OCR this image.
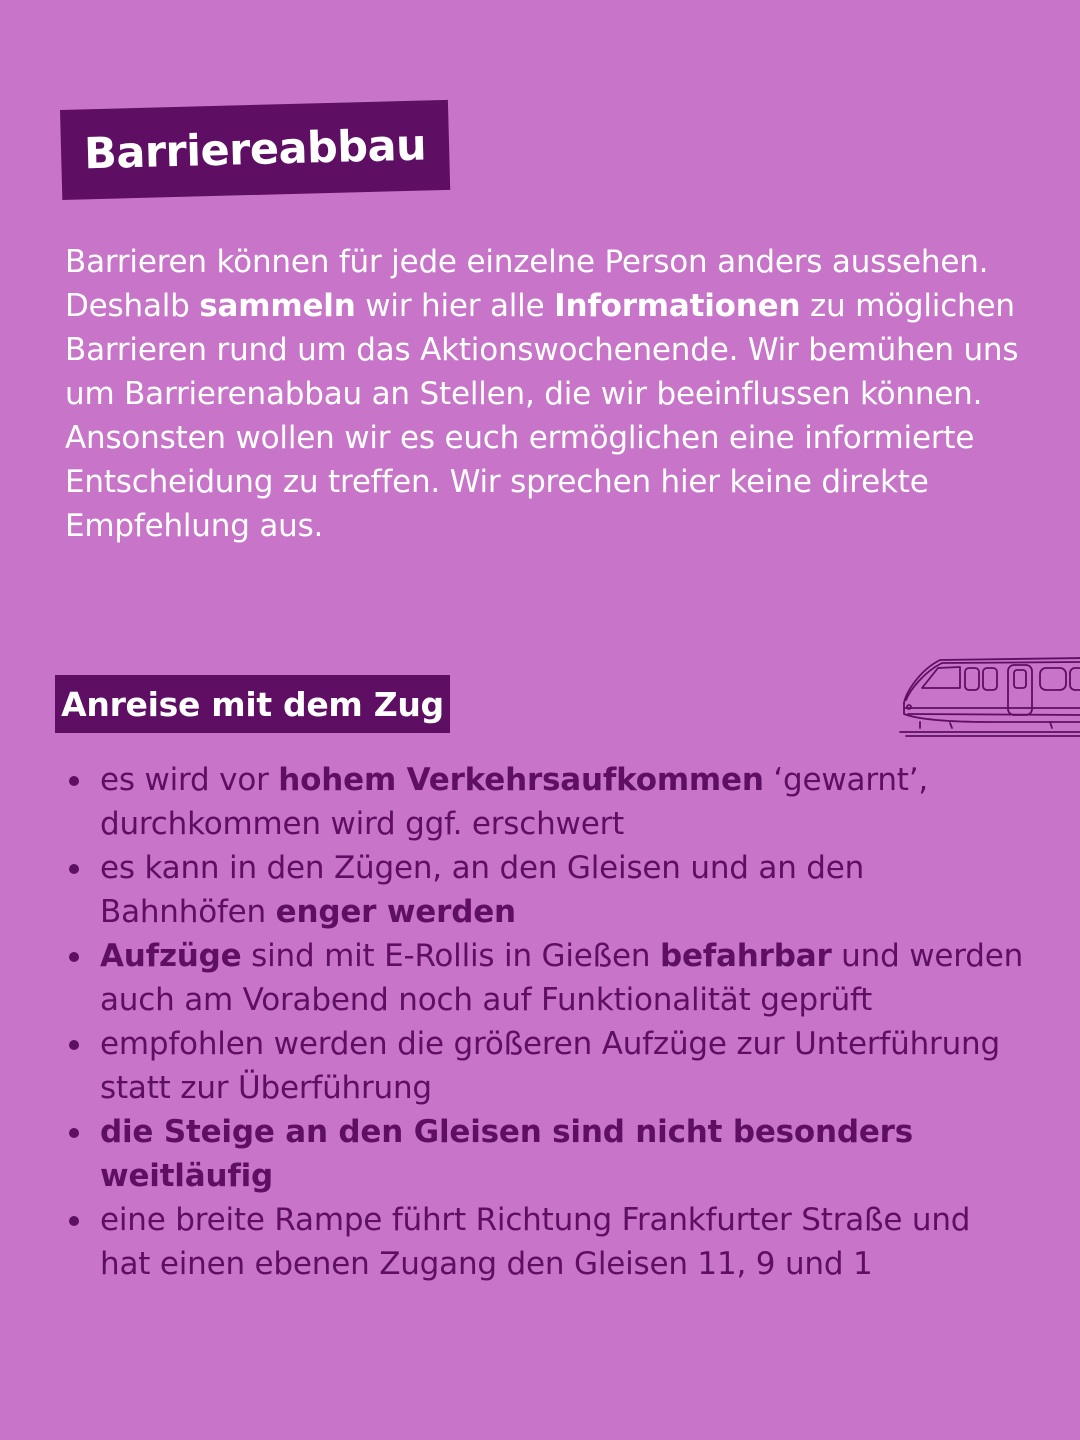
Barriereabbau

Barrieren können für jede einzelne Person anders aussehen. Deshalb sammeln wir hier alle Informationen zu möglichen Barrieren rund um das Aktionswochenende. Wir bemühen uns um Barrierenabbau an Stellen, die wir beeinflussen können. Ansonsten wollen wir es euch ermöglichen eine informierte Entscheidung zu treffen. Wir sprechen hier keine direkte Empfehlung aus.

Anreise mit dem Zug
es wird vor hohem Verkehrsaufkommen ‘gewarnt’, durchkommen wird ggf. erschwert
es kann in den Zügen, an den Gleisen und an den Bahnhöfen enger werden
Aufzüge sind mit E-Rollis in Gießen befahrbar und werden auch am Vorabend noch auf Funktionalität geprüft
empfohlen werden die größeren Aufzüge zur Unterführung statt zur Überführung
die Steige an den Gleisen sind nicht besonders weitläufig
eine breite Rampe führt Richtung Frankfurter Straße und hat einen ebenen Zugang den Gleisen 11, 9 und 1
